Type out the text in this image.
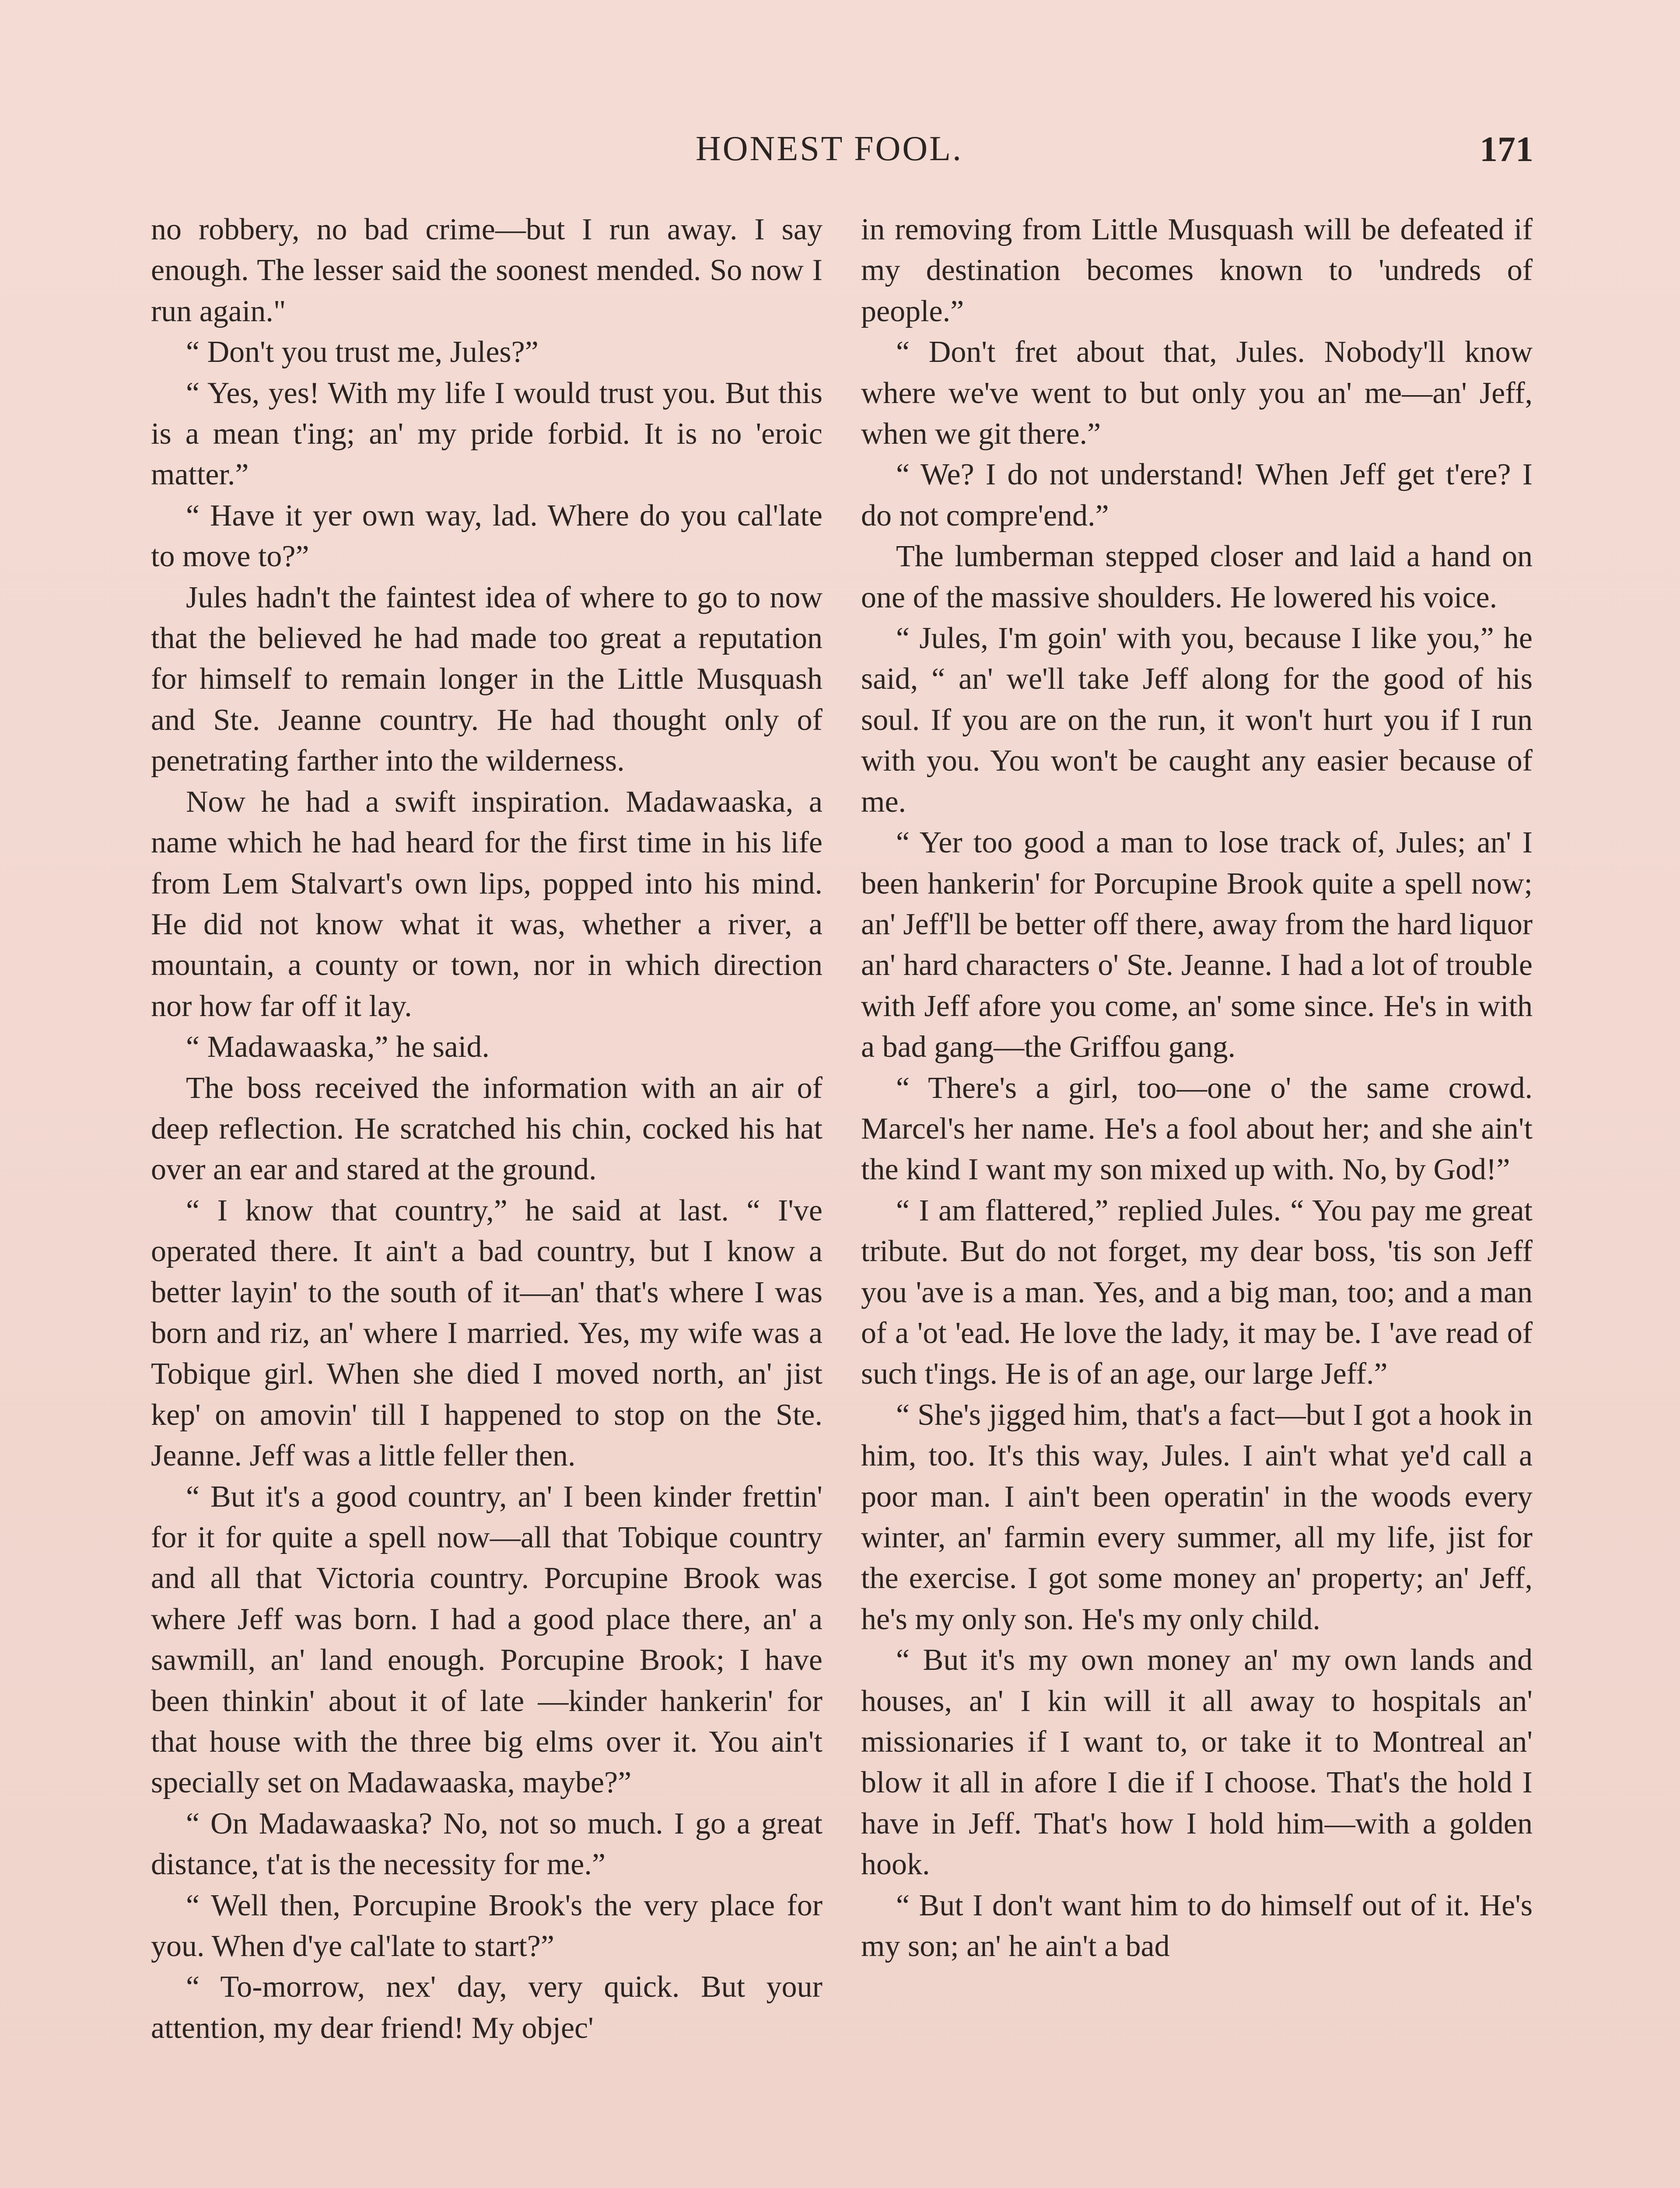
HONEST FOOL.	171

no robbery, no bad crime—but I run away. I say enough. The lesser said the soonest mended. So now I run again."

“ Don't you trust me, Jules?”

“ Yes, yes! With my life I would trust you. But this is a mean t'ing; an' my pride forbid. It is no 'eroic matter.”

“ Have it yer own way, lad. Where do you cal'late to move to?”

Jules hadn't the faintest idea of where to go to now that the believed he had made too great a reputation for himself to remain longer in the Little Musquash and Ste. Jeanne country. He had thought only of penetrating farther into the wilderness.

Now he had a swift inspiration. Madawaaska, a name which he had heard for the first time in his life from Lem Stalvart's own lips, popped into his mind. He did not know what it was, whether a river, a mountain, a county or town, nor in which direction nor how far off it lay.

“ Madawaaska,” he said.

The boss received the information with an air of deep reflection. He scratched his chin, cocked his hat over an ear and stared at the ground.

“ I know that country,” he said at last. “ I've operated there. It ain't a bad country, but I know a better layin' to the south of it—an' that's where I was born and riz, an' where I married. Yes, my wife was a Tobique girl. When she died I moved north, an' jist kep' on amovin' till I happened to stop on the Ste. Jeanne. Jeff was a little feller then.

“ But it's a good country, an' I been kinder frettin' for it for quite a spell now—all that Tobique country and all that Victoria country. Porcupine Brook was where Jeff was born. I had a good place there, an' a sawmill, an' land enough. Porcupine Brook; I have been thinkin' about it of late —kinder hankerin' for that house with the three big elms over it. You ain't specially set on Madawaaska, maybe?”

“ On Madawaaska? No, not so much. I go a great distance, t'at is the necessity for me.”

“ Well then, Porcupine Brook's the very place for you. When d'ye cal'late to start?”

“ To-morrow, nex' day, very quick. But your attention, my dear friend! My objec'

in removing from Little Musquash will be defeated if my destination becomes known to 'undreds of people.”

“ Don't fret about that, Jules. Nobody'll know where we've went to but only you an' me—an' Jeff, when we git there.”

“ We? I do not understand! When Jeff get t'ere? I do not compre'end.”

The lumberman stepped closer and laid a hand on one of the massive shoulders. He lowered his voice.

“ Jules, I'm goin' with you, because I like you,” he said, “ an' we'll take Jeff along for the good of his soul. If you are on the run, it won't hurt you if I run with you. You won't be caught any easier because of me.

“ Yer too good a man to lose track of, Jules; an' I been hankerin' for Porcupine Brook quite a spell now; an' Jeff'll be better off there, away from the hard liquor an' hard characters o' Ste. Jeanne. I had a lot of trouble with Jeff afore you come, an' some since. He's in with a bad gang—the Griffou gang.

“ There's a girl, too—one o' the same crowd. Marcel's her name. He's a fool about her; and she ain't the kind I want my son mixed up with. No, by God!”

“ I am flattered,” replied Jules. “ You pay me great tribute. But do not forget, my dear boss, 'tis son Jeff you 'ave is a man. Yes, and a big man, too; and a man of a 'ot 'ead. He love the lady, it may be. I 'ave read of such t'ings. He is of an age, our large Jeff.”

“ She's jigged him, that's a fact—but I got a hook in him, too. It's this way, Jules. I ain't what ye'd call a poor man. I ain't been operatin' in the woods every winter, an' farmin every summer, all my life, jist for the exercise. I got some money an' property; an' Jeff, he's my only son. He's my only child.

“ But it's my own money an' my own lands and houses, an' I kin will it all away to hospitals an' missionaries if I want to, or take it to Montreal an' blow it all in afore I die if I choose. That's the hold I have in Jeff. That's how I hold him—with a golden hook.

“ But I don't want him to do himself out of it. He's my son; an' he ain't a bad
